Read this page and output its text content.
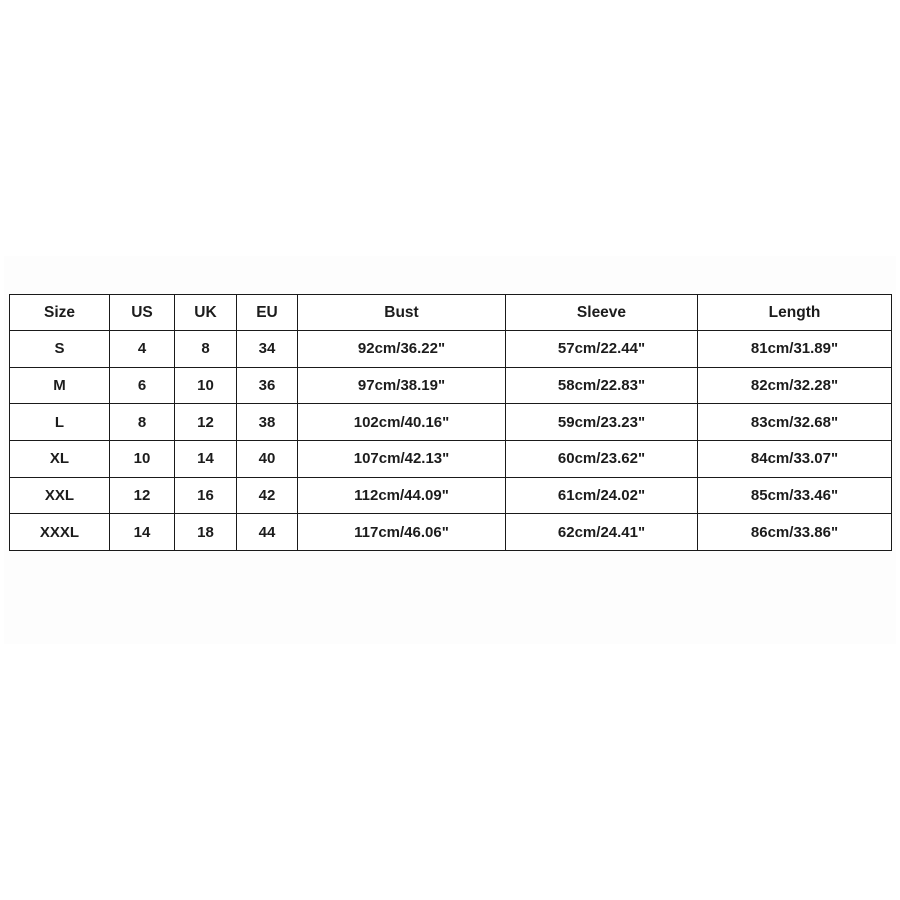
Size	US	UK	EU	Bust	Sleeve	Length
S	4	8	34	92cm/36.22"	57cm/22.44"	81cm/31.89"
M	6	10	36	97cm/38.19"	58cm/22.83"	82cm/32.28"
L	8	12	38	102cm/40.16"	59cm/23.23"	83cm/32.68"
XL	10	14	40	107cm/42.13"	60cm/23.62"	84cm/33.07"
XXL	12	16	42	112cm/44.09"	61cm/24.02"	85cm/33.46"
XXXL	14	18	44	117cm/46.06"	62cm/24.41"	86cm/33.86"
